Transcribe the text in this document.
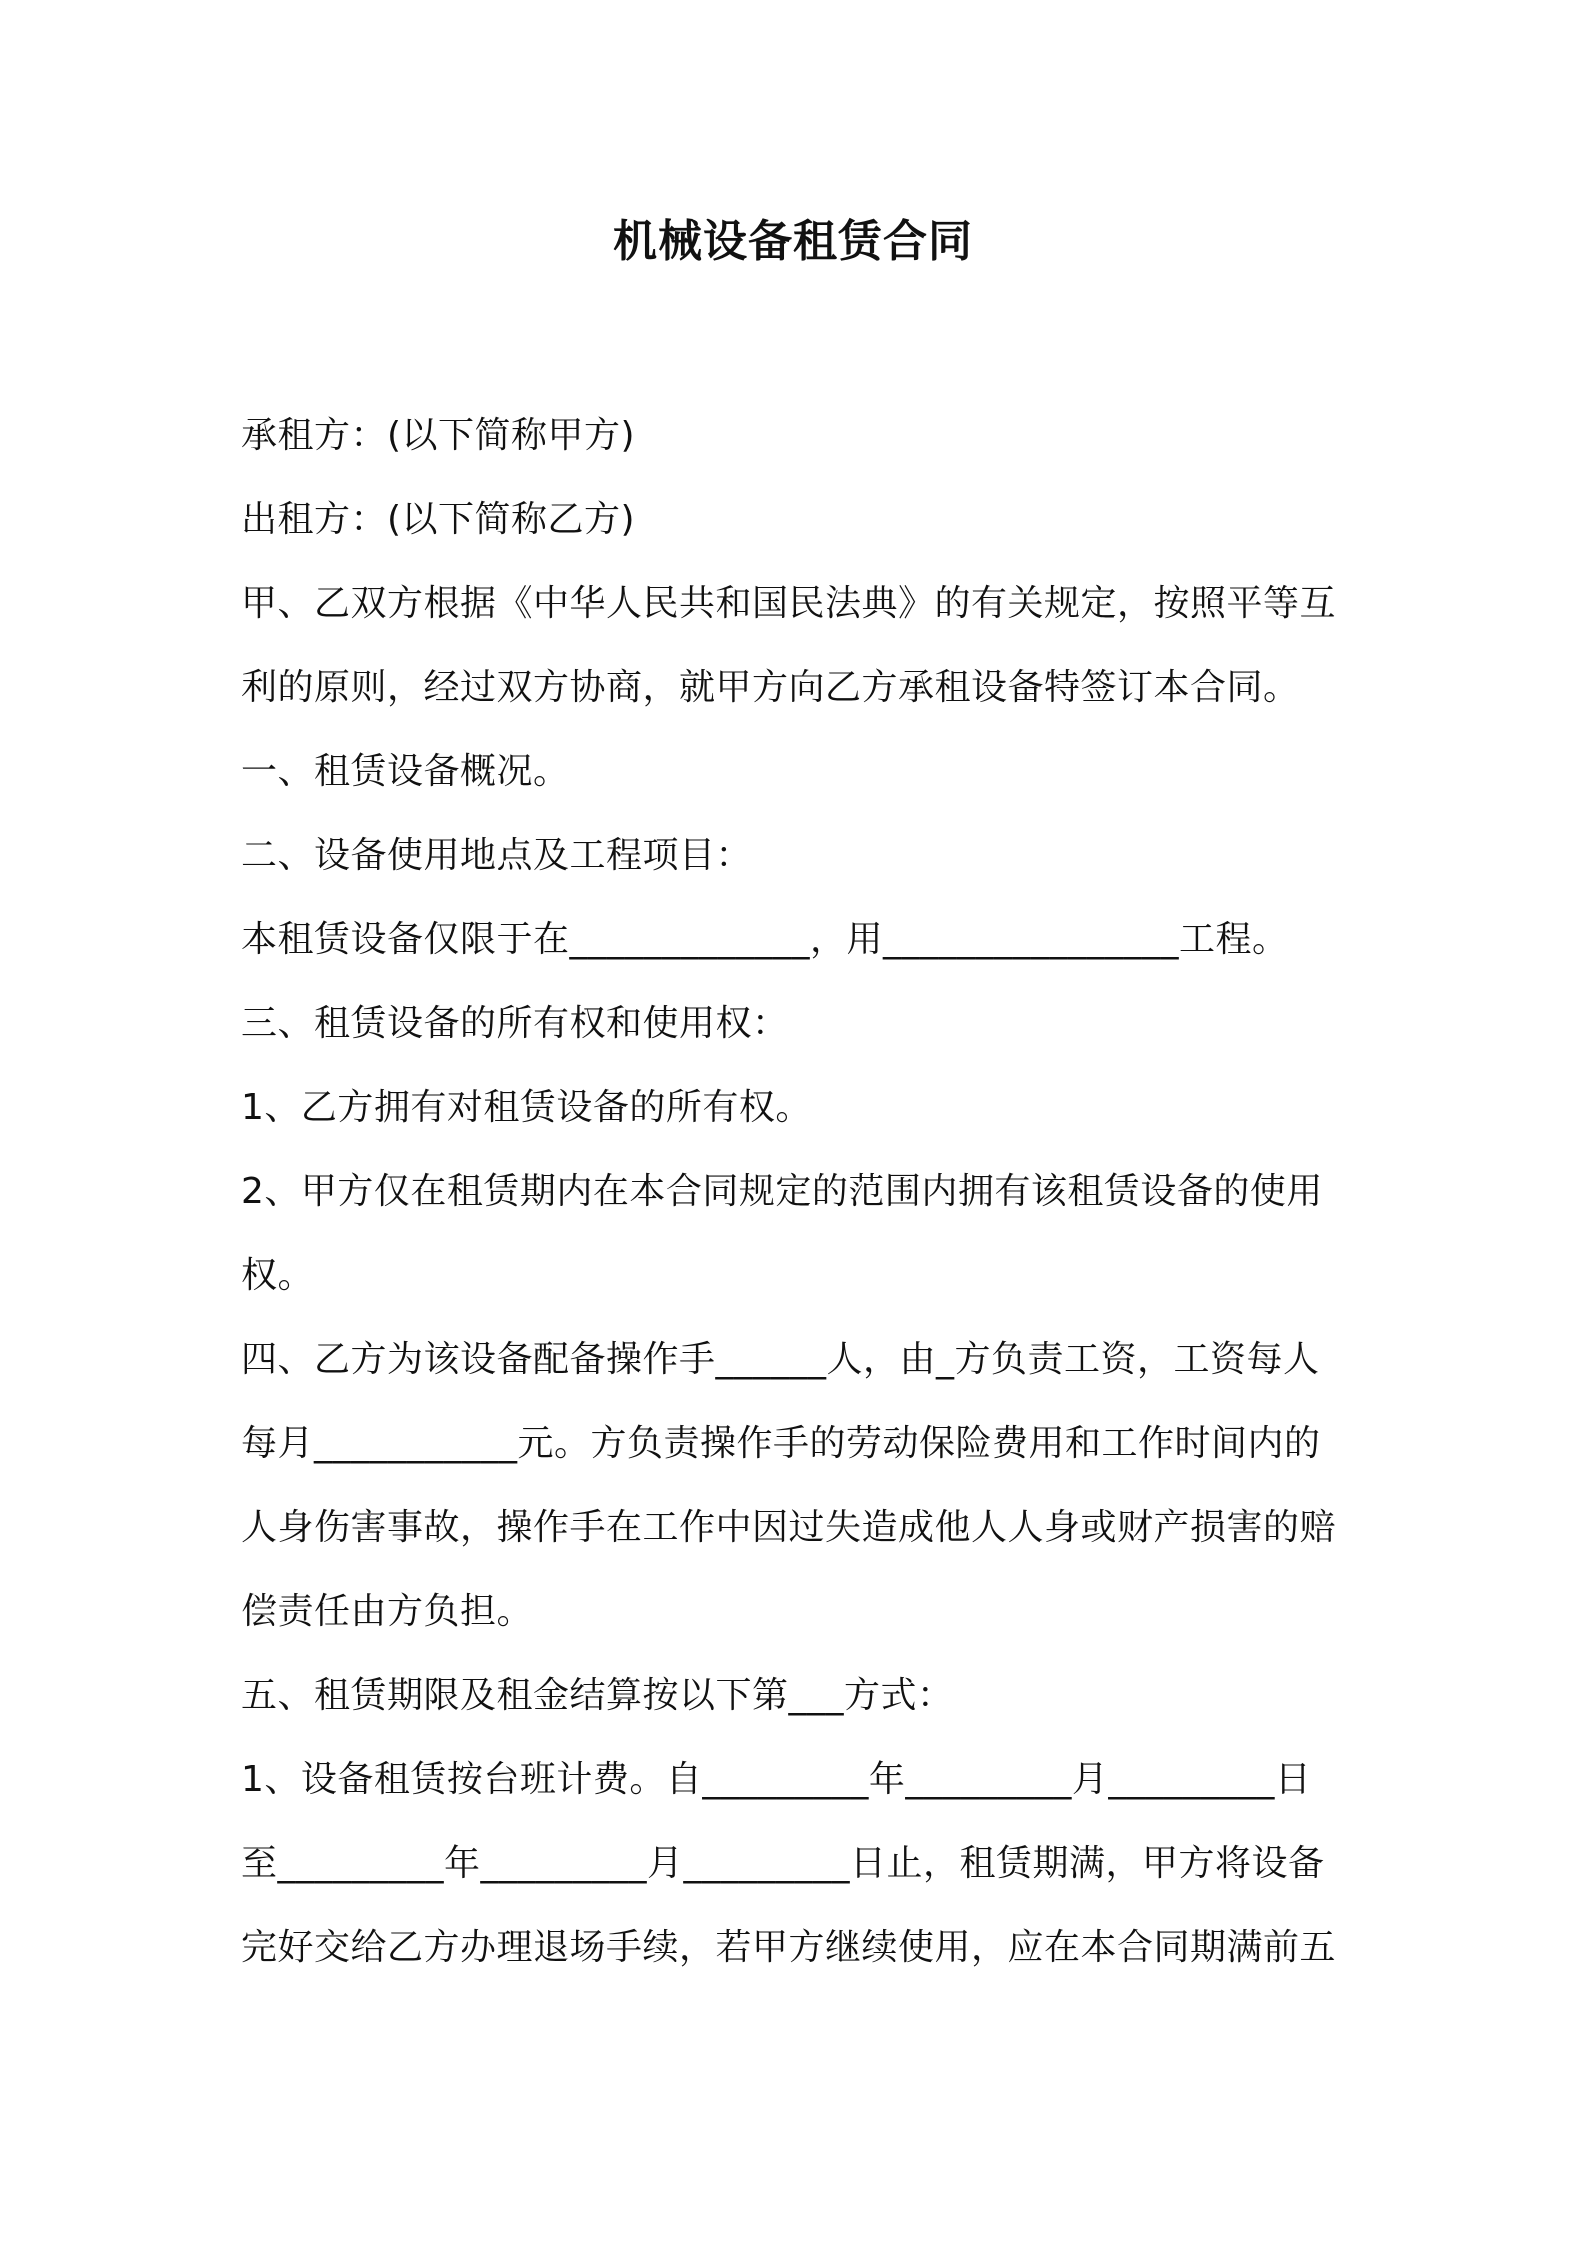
机械设备租赁合同
承租方：(以下简称甲方)
出租方：(以下简称乙方)
甲、乙双方根据《中华人民共和国民法典》的有关规定，按照平等互
利的原则，经过双方协商，就甲方向乙方承租设备特签订本合同。
一、租赁设备概况。
二、设备使用地点及工程项目：
本租赁设备仅限于在_____________，用________________工程。
三、租赁设备的所有权和使用权：
1、乙方拥有对租赁设备的所有权。
2、甲方仅在租赁期内在本合同规定的范围内拥有该租赁设备的使用
权。
四、乙方为该设备配备操作手______人，由_方负责工资，工资每人
每月___________元。方负责操作手的劳动保险费用和工作时间内的
人身伤害事故，操作手在工作中因过失造成他人人身或财产损害的赔
偿责任由方负担。
五、租赁期限及租金结算按以下第___方式：
1、设备租赁按台班计费。自_________年_________月_________日
至_________年_________月_________日止，租赁期满，甲方将设备
完好交给乙方办理退场手续，若甲方继续使用，应在本合同期满前五
